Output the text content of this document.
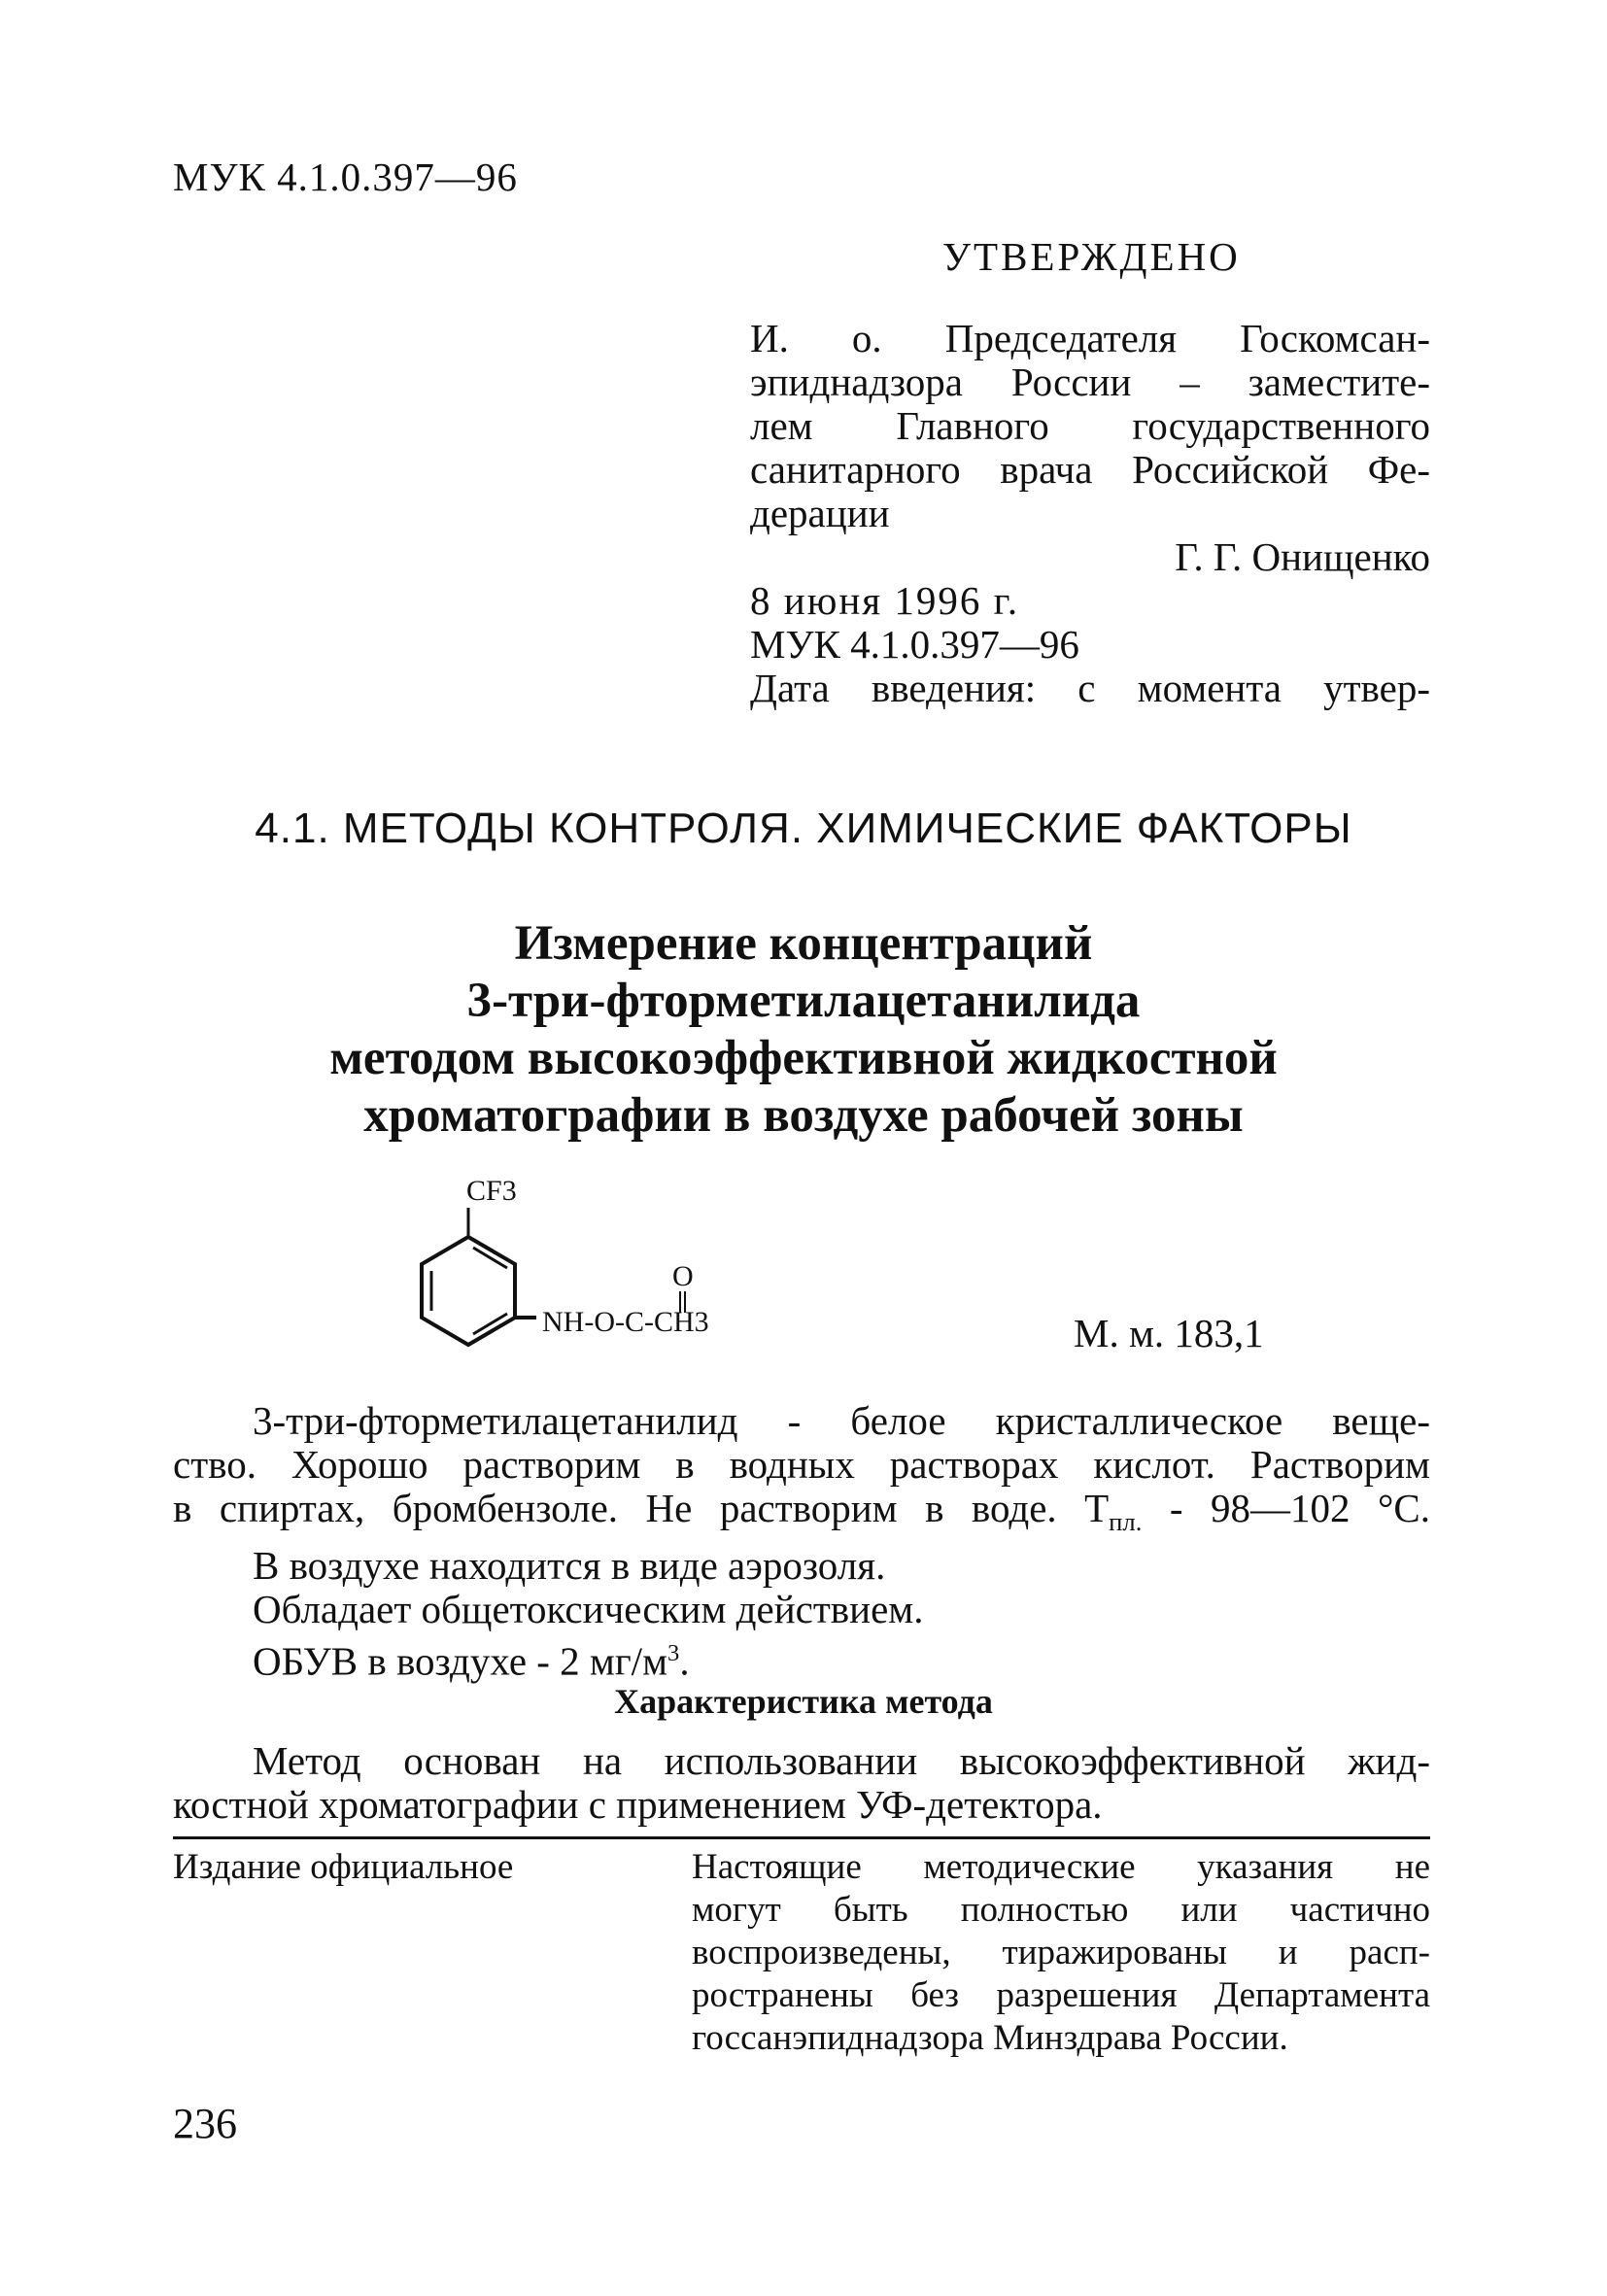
МУК 4.1.0.397—96
УТВЕРЖДЕНО
И. о. Председателя Госкомсан-
эпиднадзора России – заместите-
лем Главного государственного
санитарного врача Российской Фе-
дерации
Г. Г. Онищенко
8 июня 1996 г.
МУК 4.1.0.397—96
Дата введения: с момента утвер-
4.1. МЕТОДЫ КОНТРОЛЯ. ХИМИЧЕСКИЕ ФАКТОРЫ
Измерение концентраций
3-три-фторметилацетанилида
методом высокоэффективной жидкостной
хроматографии в воздухе рабочей зоны
CF3
NH-O-C-CH3
O
М. м. 183,1
3-три-фторметилацетанилид - белое кристаллическое веще-
ство. Хорошо растворим в водных растворах кислот. Растворим
в спиртах, бромбензоле. Не растворим в воде. $Т_{пл.}$ - 98—102 °С.
В воздухе находится в виде аэрозоля.
Обладает общетоксическим действием.
ОБУВ в воздухе - 2 $мг/м^3$.
Характеристика метода
Метод основан на использовании высокоэффективной жид-
костной хроматографии с применением УФ-детектора.
Издание официальное	Настоящие методические указания не
могут быть полностью или частично
воспроизведены, тиражированы и расп-
ространены без разрешения Департамента
госсанэпиднадзора Минздрава России.
236
